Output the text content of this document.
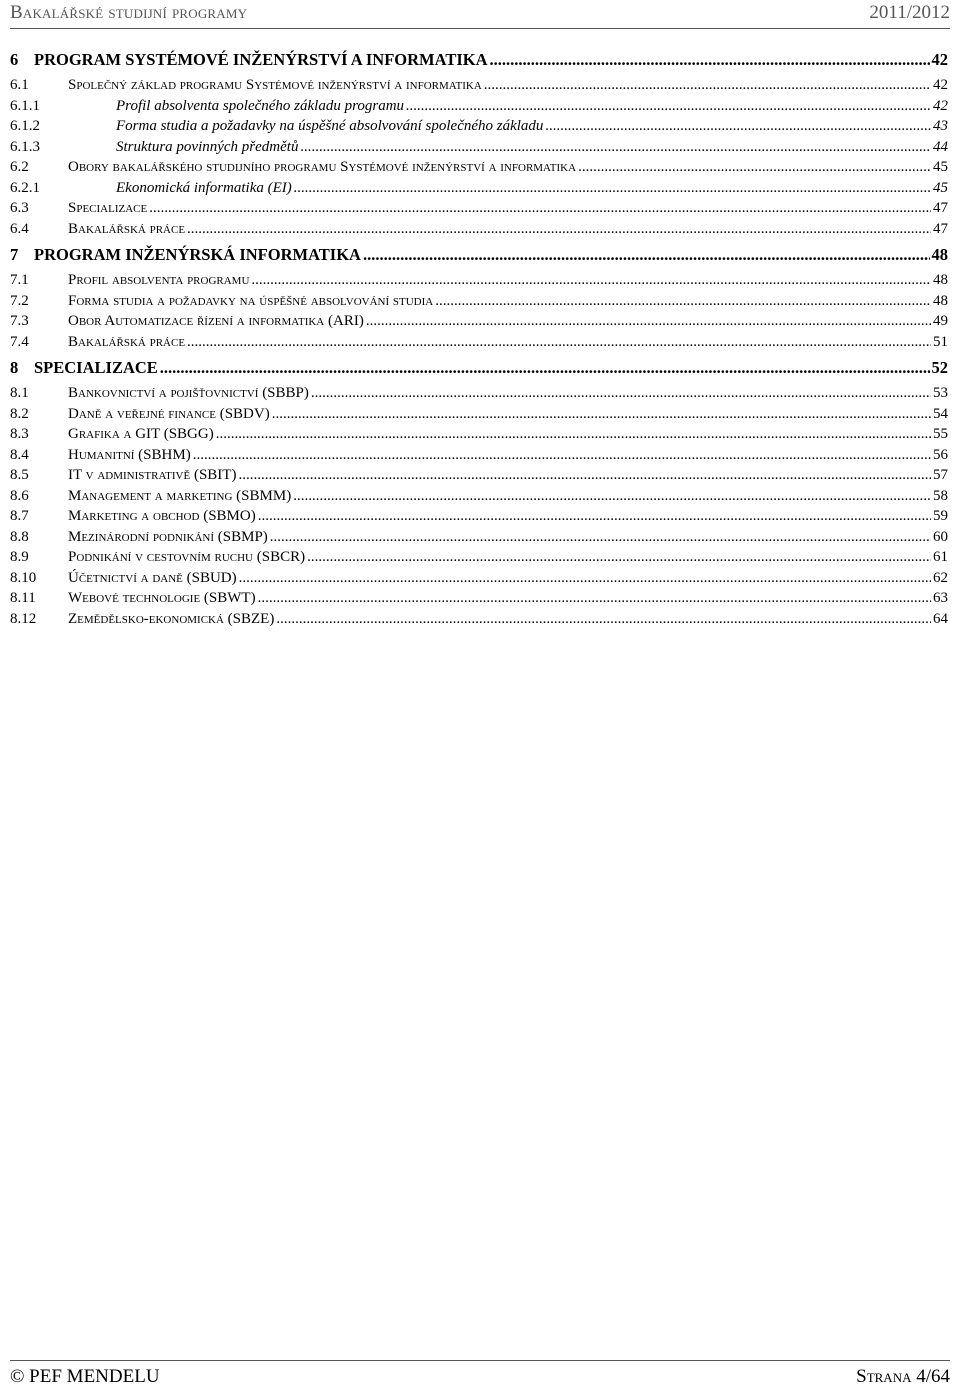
Bakalářské studijní programy	2011/2012
6 PROGRAM SYSTÉMOVÉ INŽENÝRSTVÍ A INFORMATIKA .....	42
6.1	Společný základ programu Systémové inženýrství a informatika .....	42
6.1.1	Profil absolventa společného základu programu .....	42
6.1.2	Forma studia a požadavky na úspěšné absolvování společného základu .....	43
6.1.3	Struktura povinných předmětů .....	44
6.2	Obory bakalářského studijního programu Systémové inženýrství a informatika .....	45
6.2.1	Ekonomická informatika (EI) .....	45
6.3	Specializace .....	47
6.4	Bakalářská práce .....	47
7 PROGRAM INŽENÝRSKÁ INFORMATIKA .....	48
7.1	Profil absolventa programu .....	48
7.2	Forma studia a požadavky na úspěšné absolvování studia .....	48
7.3	Obor Automatizace řízení a informatika (ARI) .....	49
7.4	Bakalářská práce .....	51
8 SPECIALIZACE .....	52
8.1	Bankovnictví a pojišťovnictví (SBBP) .....	53
8.2	Daně a veřejné finance (SBDV) .....	54
8.3	Grafika a GIT (SBGG) .....	55
8.4	Humanitní (SBHM) .....	56
8.5	IT v administrativě (SBIT) .....	57
8.6	Management a marketing (SBMM) .....	58
8.7	Marketing a obchod (SBMO) .....	59
8.8	Mezinárodní podnikání (SBMP) .....	60
8.9	Podnikání v cestovním ruchu (SBCR) .....	61
8.10	Účetnictví a daně (SBUD) .....	62
8.11	Webové technologie (SBWT) .....	63
8.12	Zemědělsko-ekonomická (SBZE) .....	64
© PEF MENDELU	Strana 4/64
